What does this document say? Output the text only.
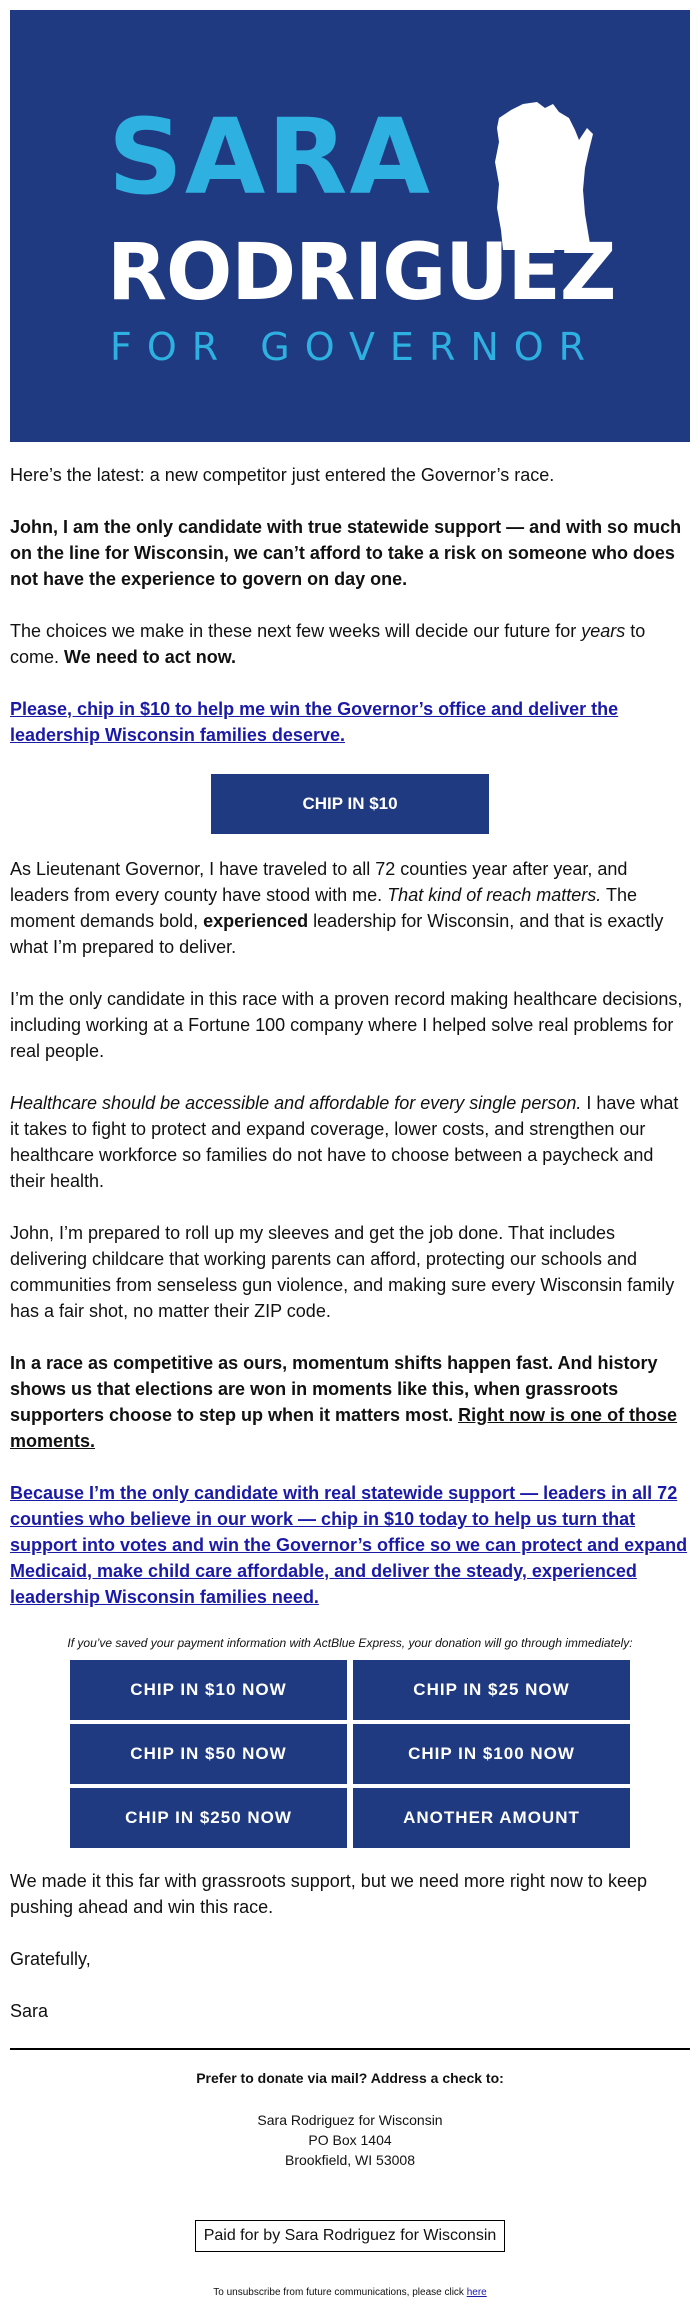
SARA
RODRIGUEZ
FOR GOVERNOR

Here’s the latest: a new competitor just entered the Governor’s race.

John, I am the only candidate with true statewide support — and with so much on the line for Wisconsin, we can’t afford to take a risk on someone who does not have the experience to govern on day one.

The choices we make in these next few weeks will decide our future for years to come. We need to act now.

Please, chip in $10 to help me win the Governor’s office and deliver the leadership Wisconsin families deserve.

CHIP IN $10

As Lieutenant Governor, I have traveled to all 72 counties year after year, and leaders from every county have stood with me. That kind of reach matters. The moment demands bold, experienced leadership for Wisconsin, and that is exactly what I’m prepared to deliver.

I’m the only candidate in this race with a proven record making healthcare decisions, including working at a Fortune 100 company where I helped solve real problems for real people.

Healthcare should be accessible and affordable for every single person. I have what it takes to fight to protect and expand coverage, lower costs, and strengthen our healthcare workforce so families do not have to choose between a paycheck and their health.

John, I’m prepared to roll up my sleeves and get the job done. That includes delivering childcare that working parents can afford, protecting our schools and communities from senseless gun violence, and making sure every Wisconsin family has a fair shot, no matter their ZIP code.

In a race as competitive as ours, momentum shifts happen fast. And history shows us that elections are won in moments like this, when grassroots supporters choose to step up when it matters most. Right now is one of those moments.

Because I’m the only candidate with real statewide support — leaders in all 72 counties who believe in our work — chip in $10 today to help us turn that support into votes and win the Governor’s office so we can protect and expand Medicaid, make child care affordable, and deliver the steady, experienced leadership Wisconsin families need.

If you’ve saved your payment information with ActBlue Express, your donation will go through immediately:
CHIP IN $10 NOW	CHIP IN $25 NOW
CHIP IN $50 NOW	CHIP IN $100 NOW
CHIP IN $250 NOW	ANOTHER AMOUNT

We made it this far with grassroots support, but we need more right now to keep pushing ahead and win this race.

Gratefully,

Sara

Prefer to donate via mail? Address a check to:

Sara Rodriguez for Wisconsin

PO Box 1404

Brookfield, WI 53008

Paid for by Sara Rodriguez for Wisconsin

To unsubscribe from future communications, please click here
